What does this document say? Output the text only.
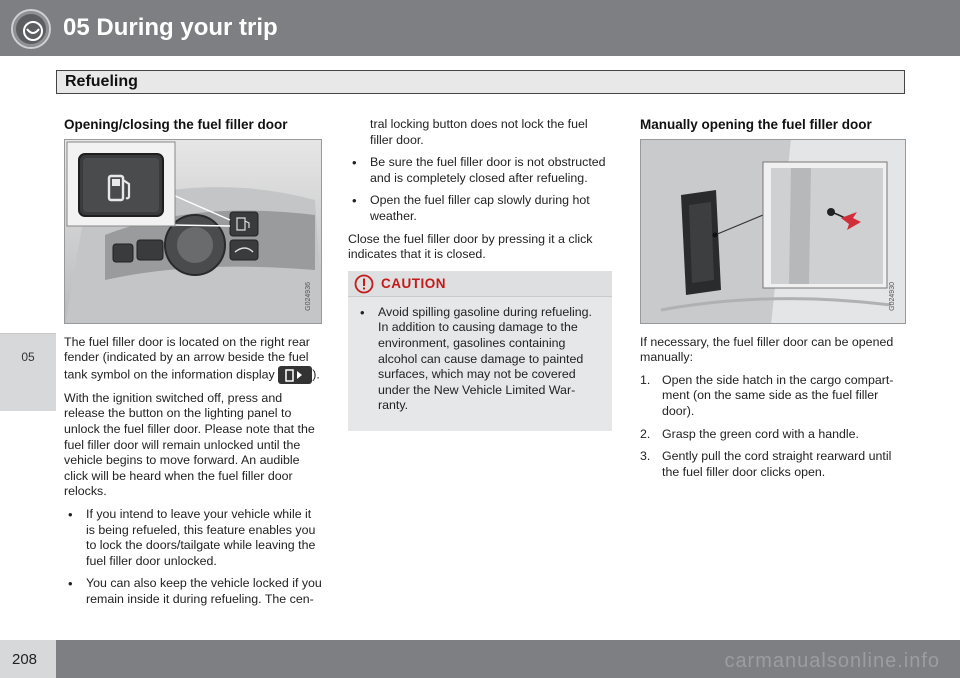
05 During your trip
Refueling
05
Opening/closing the fuel filler door
G024936

The fuel filler door is located on the right rear fender (indicated by an arrow beside the fuel tank symbol on the information display	).

With the ignition switched off, press and release the button on the lighting panel to unlock the fuel filler door. Please note that the fuel filler door will remain unlocked until the vehicle begins to move forward. An audible click will be heard when the fuel filler door relocks.

• If you intend to leave your vehicle while it is being refueled, this feature enables you to lock the doors/tailgate while leaving the fuel filler door unlocked.
• You can also keep the vehicle locked if you remain inside it during refueling. The cen-

tral locking button does not lock the fuel filler door.

• Be sure the fuel filler door is not obstructed and is completely closed after refueling.
• Open the fuel filler cap slowly during hot weather.

Close the fuel filler door by pressing it a click indicates that it is closed.

CAUTION
• Avoid spilling gasoline during refueling. In addition to causing damage to the environment, gasolines containing alcohol can cause damage to painted surfaces, which may not be covered under the New Vehicle Limited War-ranty.
Manually opening the fuel filler door
G024930

If necessary, the fuel filler door can be opened manually:

1. Open the side hatch in the cargo compart-ment (on the same side as the fuel filler door).
2. Grasp the green cord with a handle.
3. Gently pull the cord straight rearward until the fuel filler door clicks open.
208	carmanualsonline.info
